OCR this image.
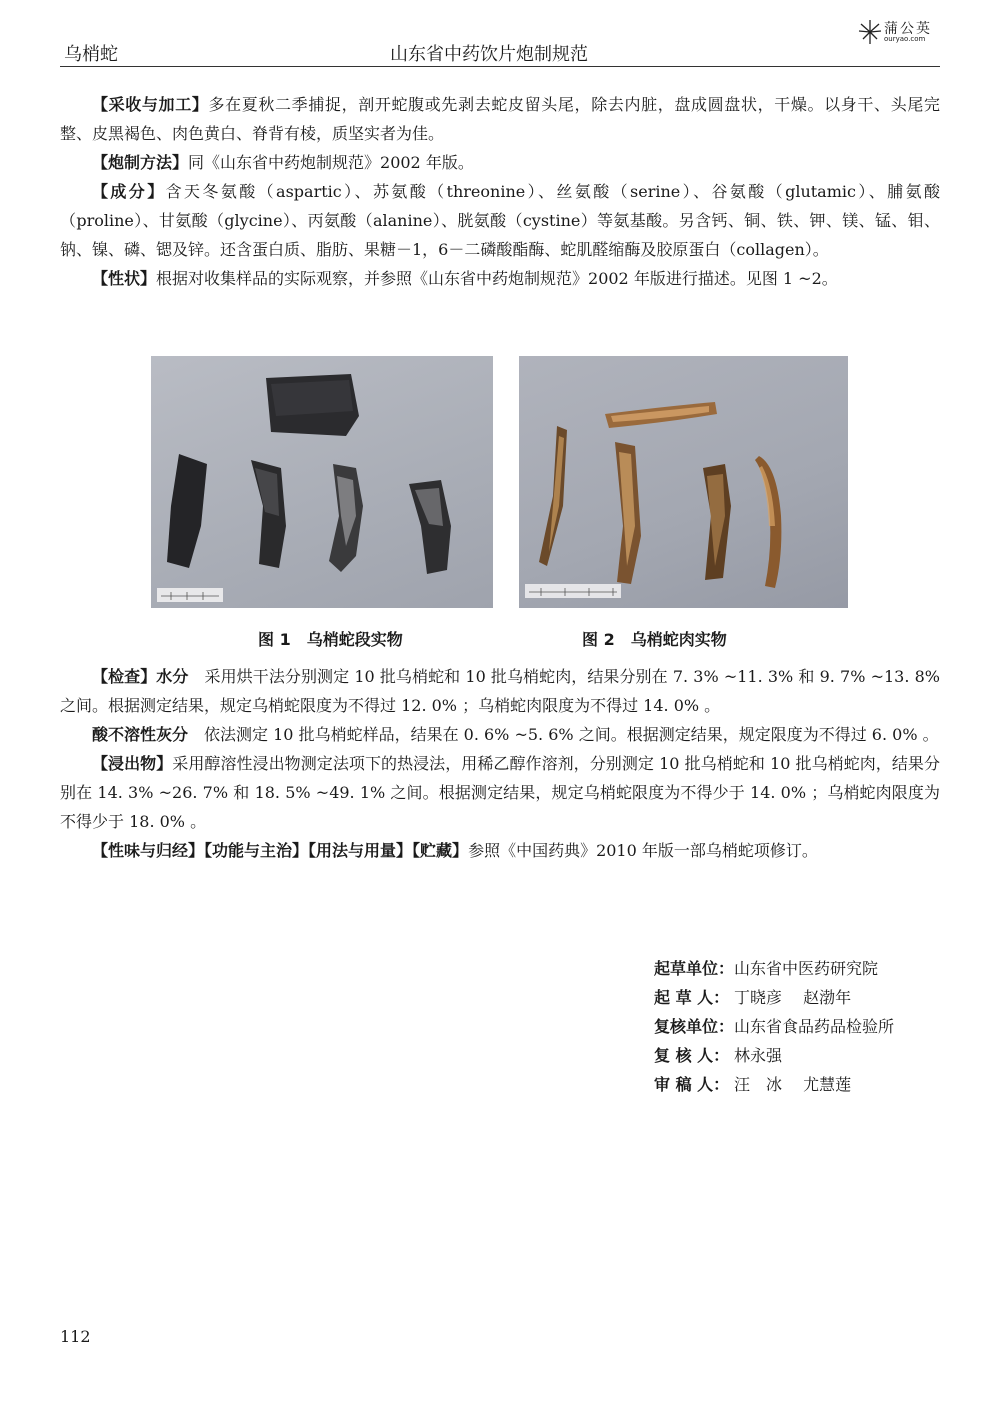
乌梢蛇	山东省中药饮片炮制规范
蒲公英
ouryao.com

【采收与加工】多在夏秋二季捕捉，剖开蛇腹或先剥去蛇皮留头尾，除去内脏，盘成圆盘状，干燥。以身干、头尾完整、皮黑褐色、肉色黄白、脊背有棱，质坚实者为佳。

【炮制方法】同《山东省中药炮制规范》2002 年版。

【成分】含天冬氨酸（aspartic）、苏氨酸（threonine）、丝氨酸（serine）、谷氨酸（glutamic）、脯氨酸（proline）、甘氨酸（glycine）、丙氨酸（alanine）、胱氨酸（cystine）等氨基酸。另含钙、铜、铁、钾、镁、锰、钼、钠、镍、磷、锶及锌。还含蛋白质、脂肪、果糖－1，6－二磷酸酯酶、蛇肌醛缩酶及胶原蛋白（collagen）。

【性状】根据对收集样品的实际观察，并参照《山东省中药炮制规范》2002 年版进行描述。见图 1 ~2。

图 1　乌梢蛇段实物	图 2　乌梢蛇肉实物

【检查】水分　 采用烘干法分别测定 10 批乌梢蛇和 10 批乌梢蛇肉，结果分别在 7. 3% ~11. 3% 和 9. 7% ~13. 8% 之间。根据测定结果，规定乌梢蛇限度为不得过 12. 0% ；乌梢蛇肉限度为不得过 14. 0% 。

酸不溶性灰分　 依法测定 10 批乌梢蛇样品，结果在 0. 6% ~5. 6% 之间。根据测定结果，规定限度为不得过 6. 0% 。

【浸出物】采用醇溶性浸出物测定法项下的热浸法，用稀乙醇作溶剂，分别测定 10 批乌梢蛇和 10 批乌梢蛇肉，结果分别在 14. 3% ~26. 7% 和 18. 5% ~49. 1% 之间。根据测定结果，规定乌梢蛇限度为不得少于 14. 0% ；乌梢蛇肉限度为不得少于 18. 0% 。

【性味与归经】【功能与主治】【用法与用量】【贮藏】参照《中国药典》2010 年版一部乌梢蛇项修订。

起草单位：山东省中医药研究院
起 草 人： 丁晓彦　 赵渤年
复核单位：山东省食品药品检验所
复 核 人： 林永强
审 稿 人： 汪　冰　 尤慧莲
112
